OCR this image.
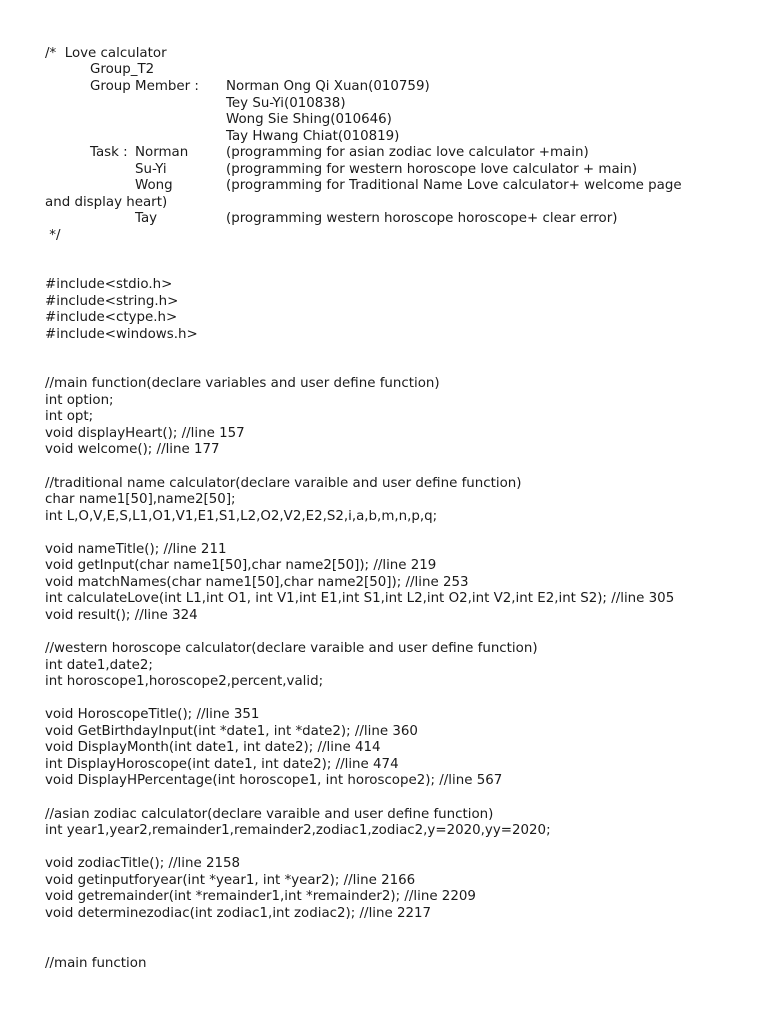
/*  Love calculator
Group_T2
Group Member : Norman Ong Qi Xuan(010759)
Tey Su-Yi(010838)
Wong Sie Shing(010646)
Tay Hwang Chiat(010819)
Task : Norman	(programming for asian zodiac love calculator +main)
Su-Yi	(programming for western horoscope love calculator + main)
Wong	(programming for Traditional Name Love calculator+ welcome page
and display heart)
Tay	(programming western horoscope horoscope+ clear error)
*/
#include<stdio.h>
#include<string.h>
#include<ctype.h>
#include<windows.h>
//main function(declare variables and user define function)
int option;
int opt;
void displayHeart(); //line 157
void welcome(); //line 177
//traditional name calculator(declare varaible and user define function)
char name1[50],name2[50];
int L,O,V,E,S,L1,O1,V1,E1,S1,L2,O2,V2,E2,S2,i,a,b,m,n,p,q;
void nameTitle(); //line 211
void getInput(char name1[50],char name2[50]); //line 219
void matchNames(char name1[50],char name2[50]); //line 253
int calculateLove(int L1,int O1, int V1,int E1,int S1,int L2,int O2,int V2,int E2,int S2); //line 305
void result(); //line 324
//western horoscope calculator(declare varaible and user define function)
int date1,date2;
int horoscope1,horoscope2,percent,valid;
void HoroscopeTitle(); //line 351
void GetBirthdayInput(int *date1, int *date2); //line 360
void DisplayMonth(int date1, int date2); //line 414
int DisplayHoroscope(int date1, int date2); //line 474
void DisplayHPercentage(int horoscope1, int horoscope2); //line 567
//asian zodiac calculator(declare varaible and user define function)
int year1,year2,remainder1,remainder2,zodiac1,zodiac2,y=2020,yy=2020;
void zodiacTitle(); //line 2158
void getinputforyear(int *year1, int *year2); //line 2166
void getremainder(int *remainder1,int *remainder2); //line 2209
void determinezodiac(int zodiac1,int zodiac2); //line 2217
//main function
